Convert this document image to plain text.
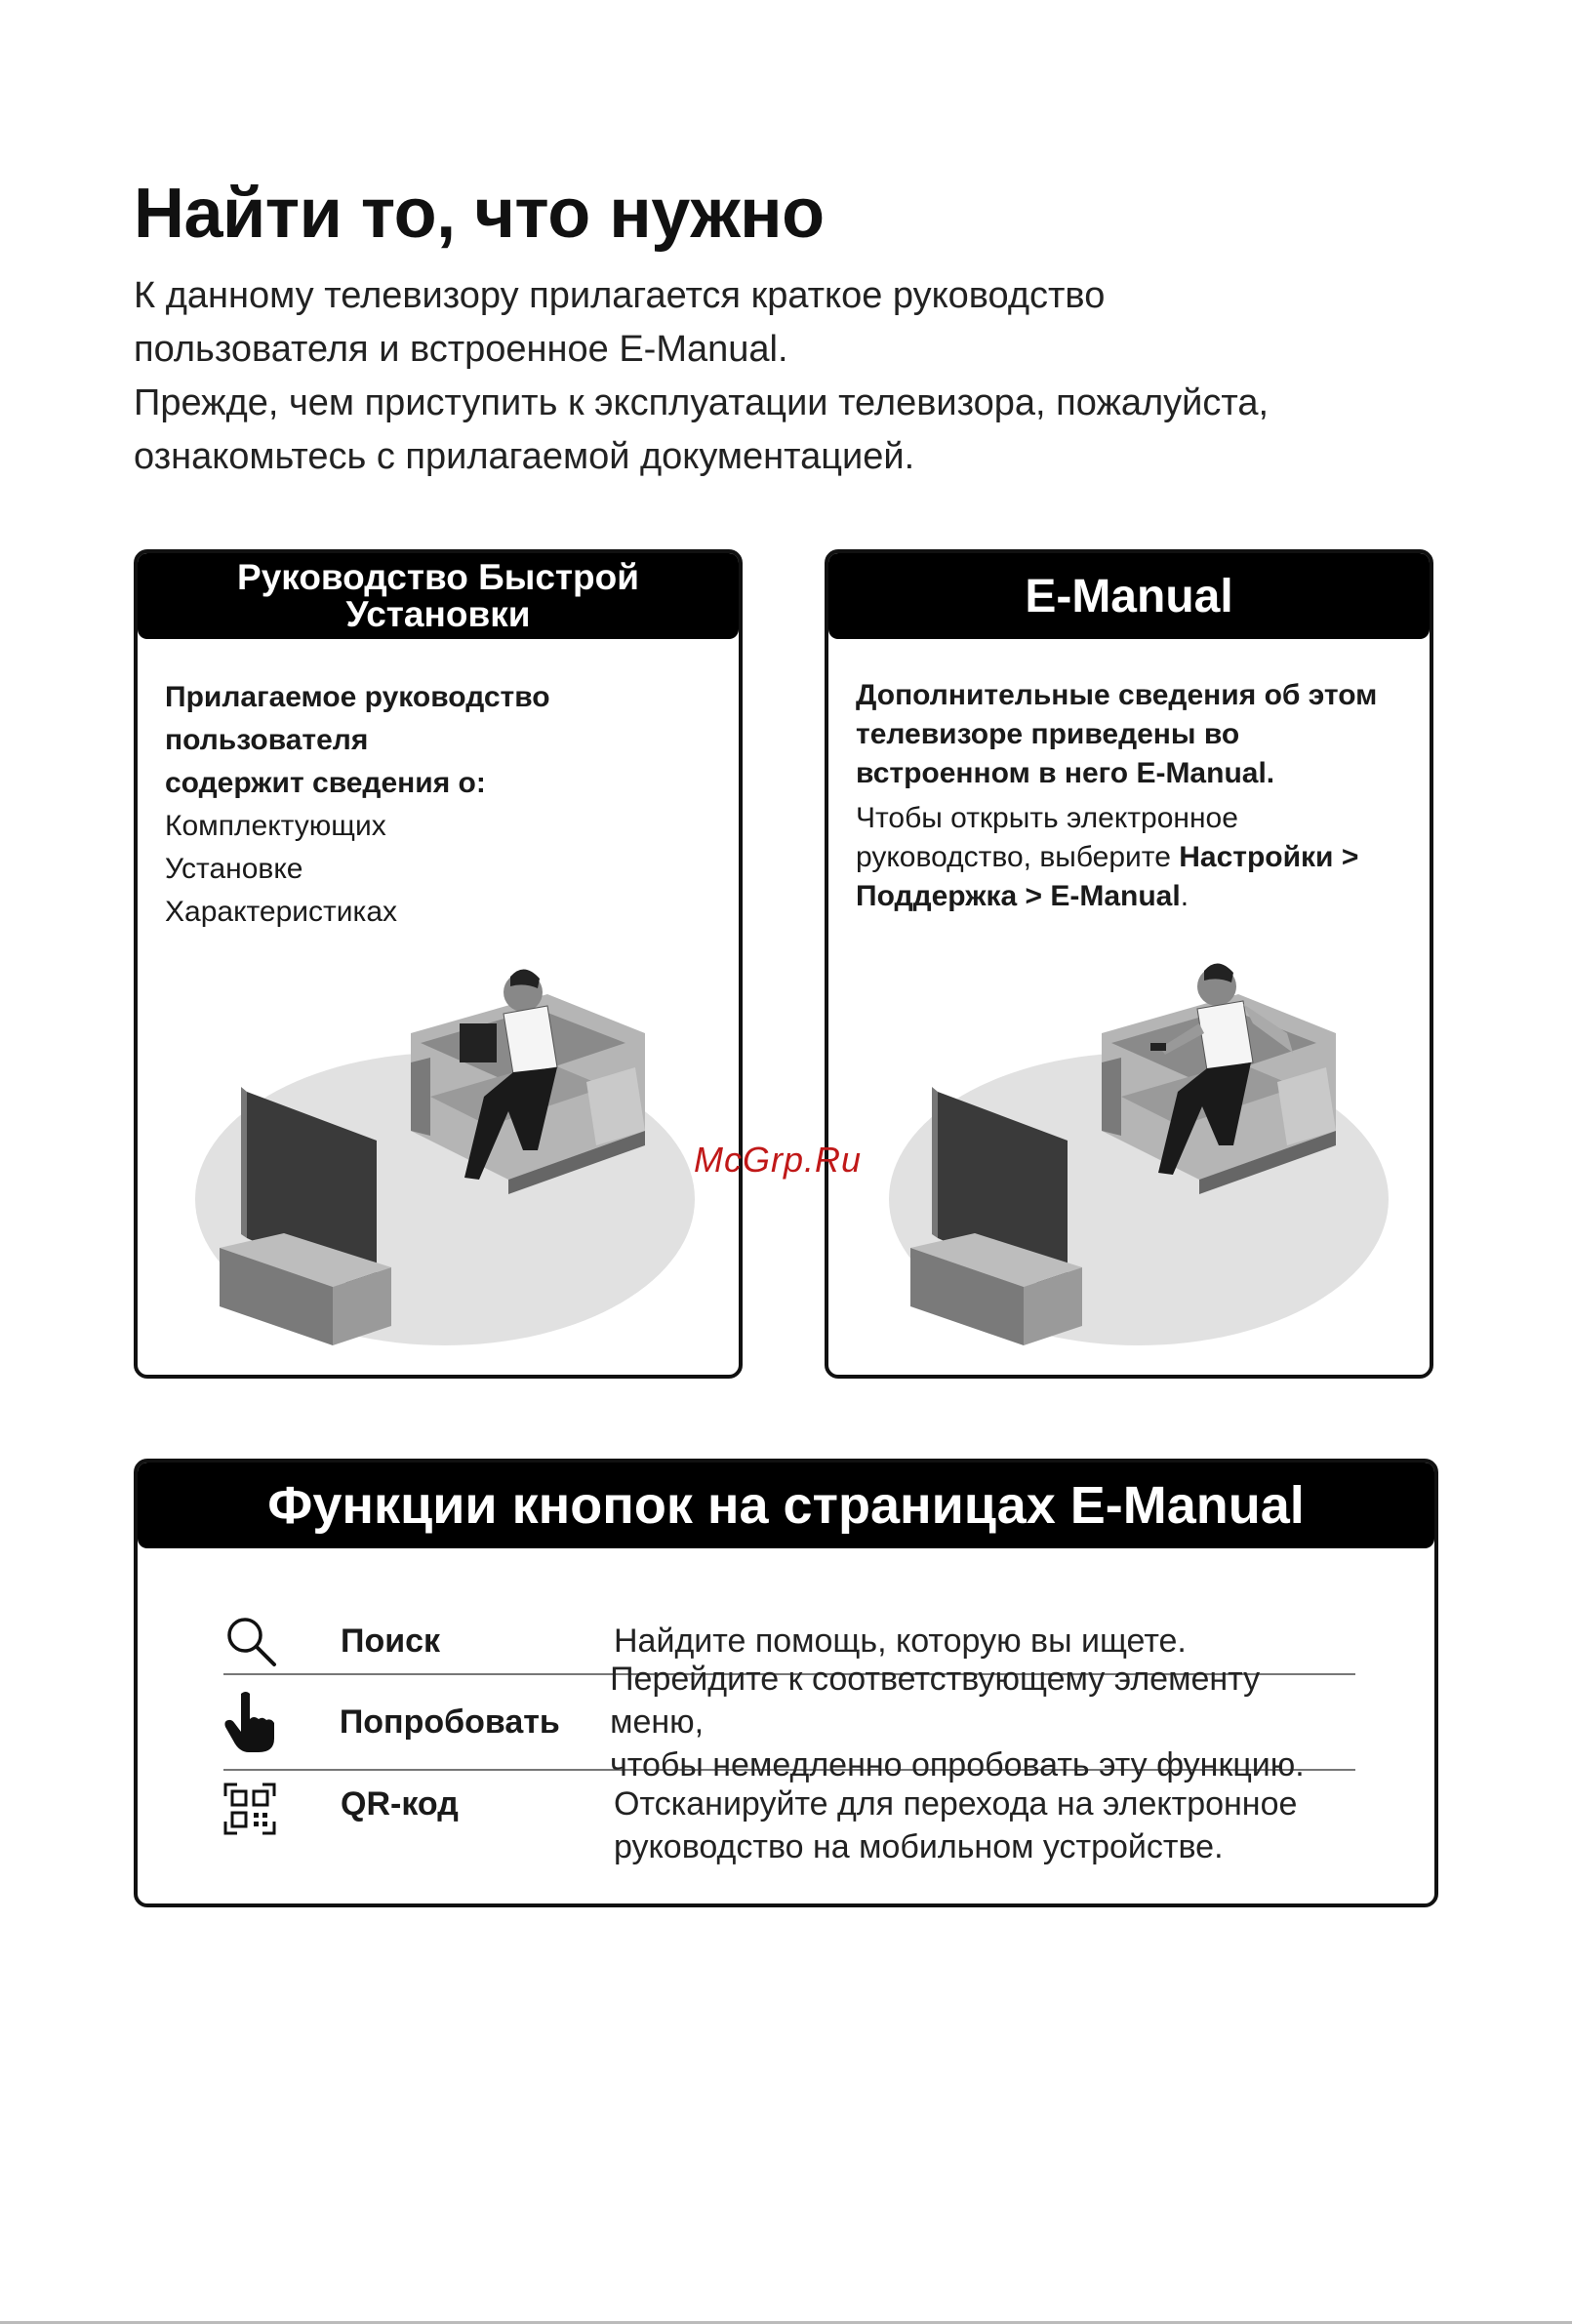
Найти то, что нужно

К данному телевизору прилагается краткое руководство

пользователя и встроенное E-Manual.

Прежде, чем приступить к эксплуатации телевизора, пожалуйста,

ознакомьтесь с прилагаемой документацией.

Руководство Быстрой
Установки
Прилагаемое руководство
пользователя
содержит сведения о:
Комплектующих
Установке
Характеристиках
E-Manual
Дополнительные сведения об этом
телевизоре приведены во
встроенном в него E-Manual.
Чтобы открыть электронное
руководство, выберите Настройки >
Поддержка > E-Manual.
McGrp.Ru
Функции кнопок на страницах E-Manual
Поиск	Найдите помощь, которую вы ищете.
Попробовать
Перейдите к соответствующему элементу меню,
чтобы немедленно опробовать эту функцию.
QR-код	Отсканируйте для перехода на электронное
руководство на мобильном устройстве.
